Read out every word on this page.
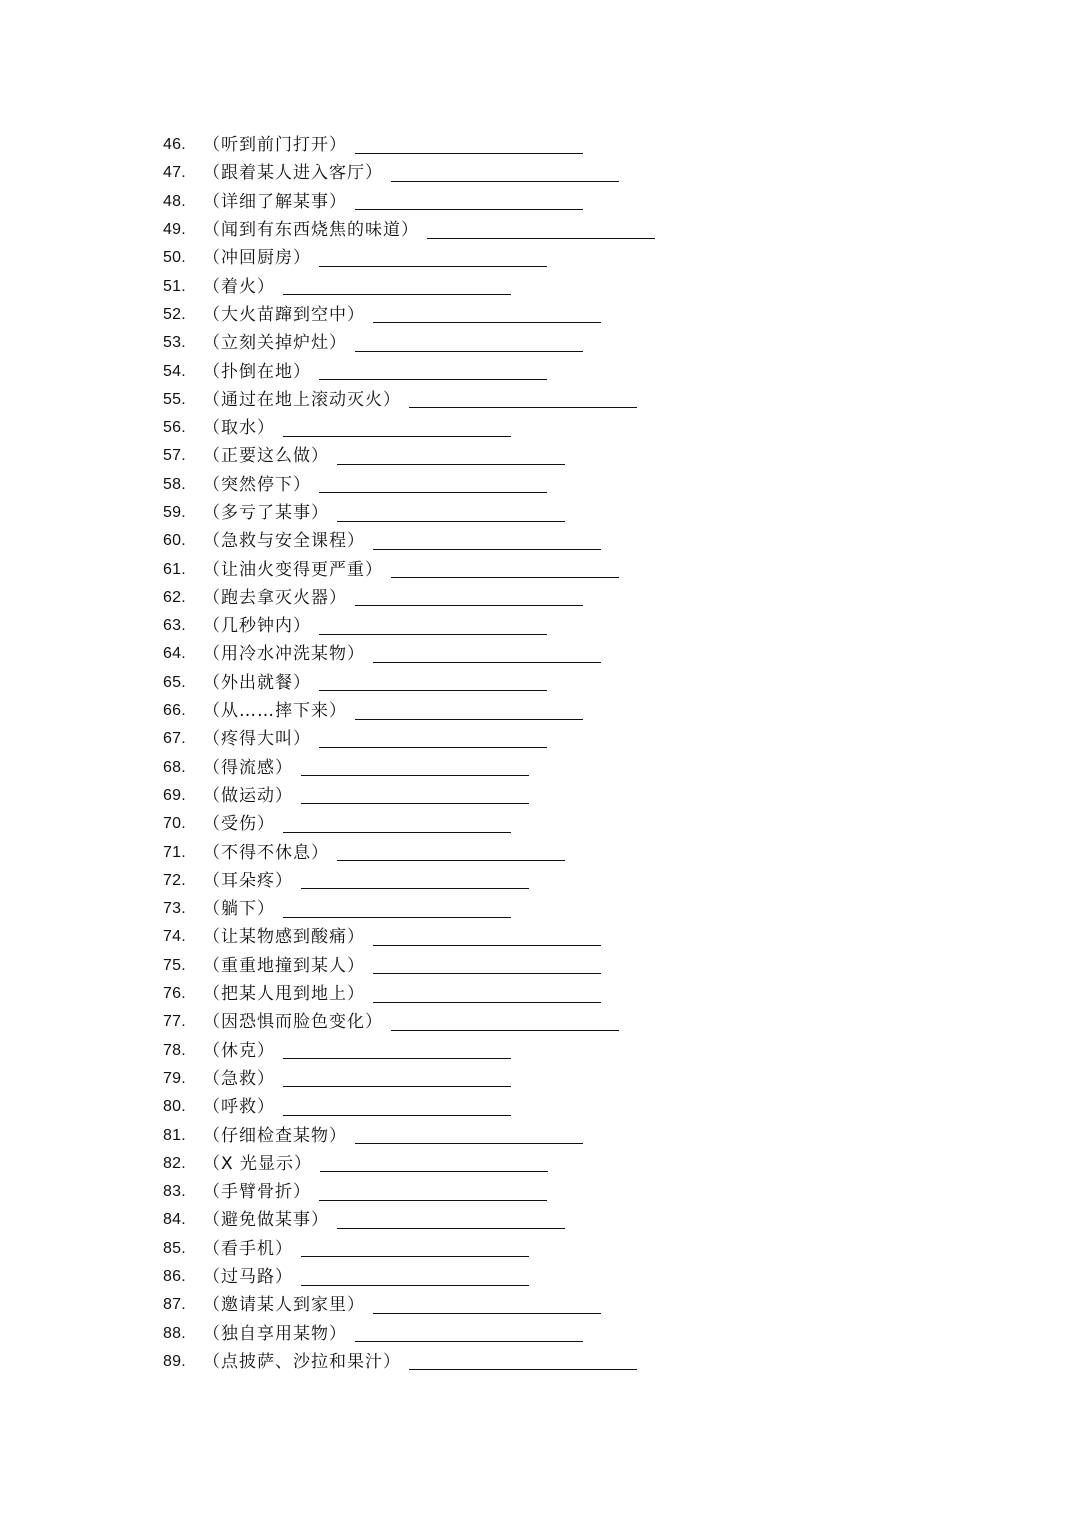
46.	（听到前门打开）
47.	（跟着某人进入客厅）
48.	（详细了解某事）
49.	（闻到有东西烧焦的味道）
50.	（冲回厨房）
51.	（着火）
52.	（大火苗蹿到空中）
53.	（立刻关掉炉灶）
54.	（扑倒在地）
55.	（通过在地上滚动灭火）
56.	（取水）
57.	（正要这么做）
58.	（突然停下）
59.	（多亏了某事）
60.	（急救与安全课程）
61.	（让油火变得更严重）
62.	（跑去拿灭火器）
63.	（几秒钟内）
64.	（用冷水冲洗某物）
65.	（外出就餐）
66.	（从……摔下来）
67.	（疼得大叫）
68.	（得流感）
69.	（做运动）
70.	（受伤）
71.	（不得不休息）
72.	（耳朵疼）
73.	（躺下）
74.	（让某物感到酸痛）
75.	（重重地撞到某人）
76.	（把某人甩到地上）
77.	（因恐惧而脸色变化）
78.	（休克）
79.	（急救）
80.	（呼救）
81.	（仔细检查某物）
82.	（X 光显示）
83.	（手臂骨折）
84.	（避免做某事）
85.	（看手机）
86.	（过马路）
87.	（邀请某人到家里）
88.	（独自享用某物）
89.	（点披萨、沙拉和果汁）
